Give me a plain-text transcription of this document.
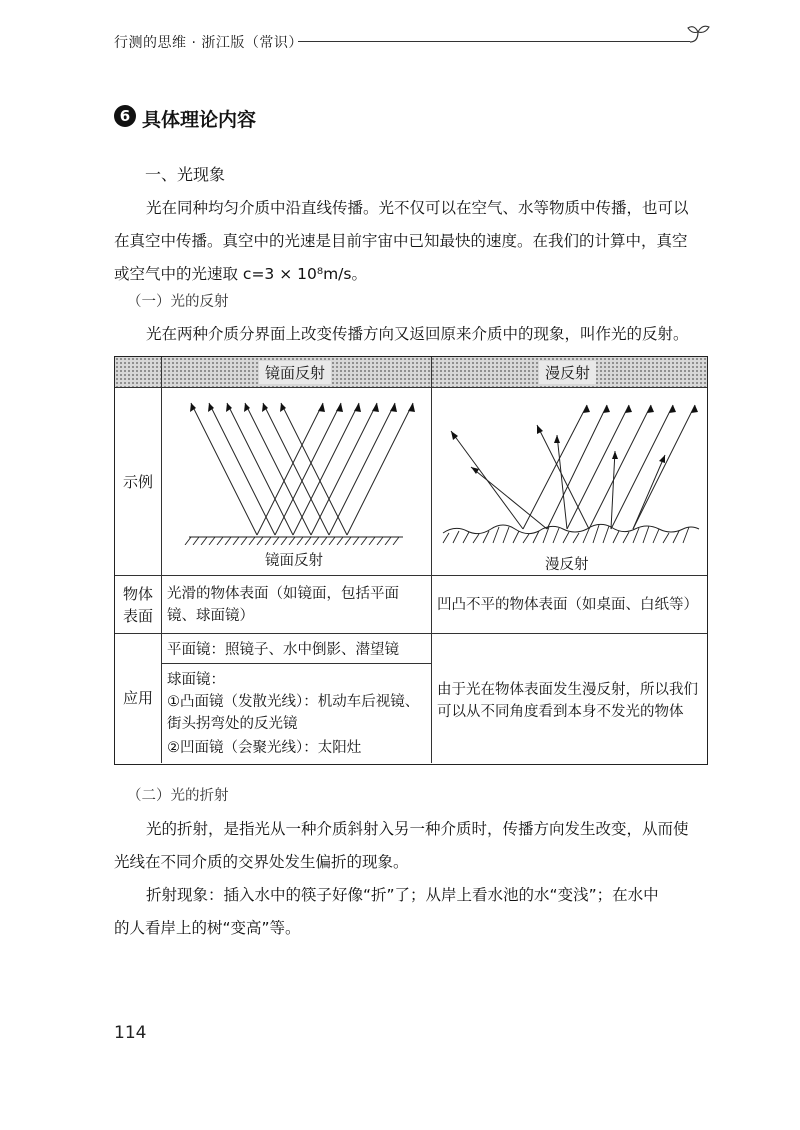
行测的思维 · 浙江版（常识）
6 具体理论内容
一、光现象

光在同种均匀介质中沿直线传播。光不仅可以在空气、水等物质中传播，也可以

在真空中传播。真空中的光速是目前宇宙中已知最快的速度。在我们的计算中，真空

或空气中的光速取 c=3 × 10⁸m/s。

（一）光的反射

光在两种介质分界面上改变传播方向又返回原来介质中的现象，叫作光的反射。

镜面反射	漫反射
示例
物体表面
应用
镜面反射	漫反射
光滑的物体表面（如镜面，包括平面镜、球面镜）
凹凸不平的物体表面（如桌面、白纸等）
平面镜：照镜子、水中倒影、潜望镜
球面镜：
①凸面镜（发散光线）：机动车后视镜、街头拐弯处的反光镜
②凹面镜（会聚光线）：太阳灶
由于光在物体表面发生漫反射，所以我们可以从不同角度看到本身不发光的物体
（二）光的折射

光的折射，是指光从一种介质斜射入另一种介质时，传播方向发生改变，从而使

光线在不同介质的交界处发生偏折的现象。

折射现象：插入水中的筷子好像“折”了；从岸上看水池的水“变浅”；在水中

的人看岸上的树“变高”等。

114
